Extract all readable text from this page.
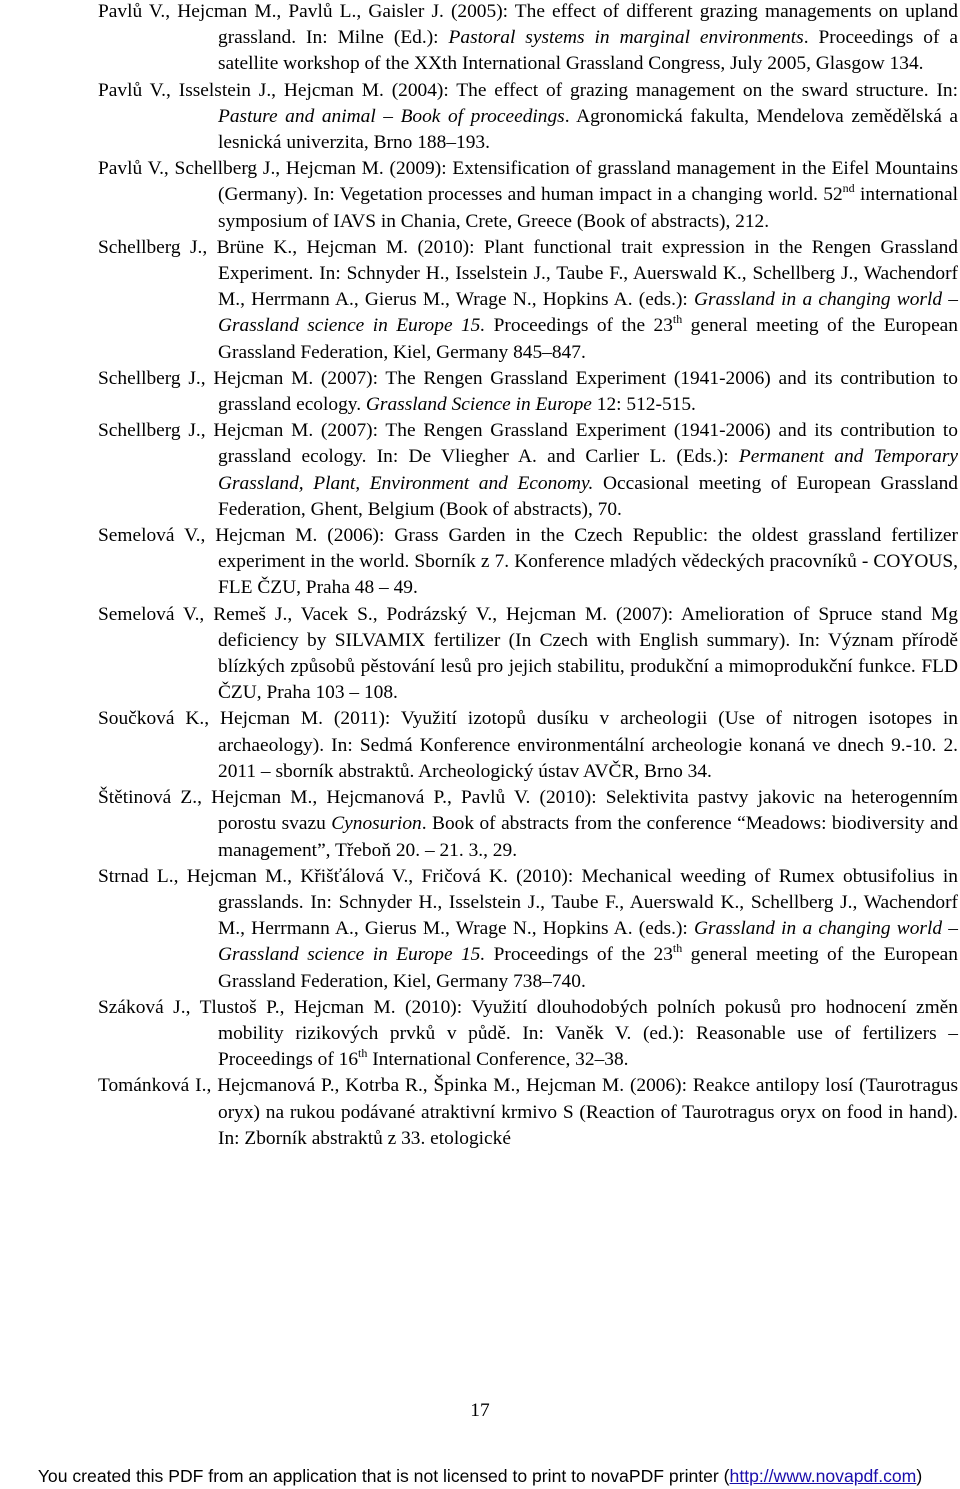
Pavlů V., Hejcman M., Pavlů L., Gaisler J. (2005): The effect of different grazing managements on upland grassland. In: Milne (Ed.): Pastoral systems in marginal environments. Proceedings of a satellite workshop of the XXth International Grassland Congress, July 2005, Glasgow 134.

Pavlů V., Isselstein J., Hejcman M. (2004): The effect of grazing management on the sward structure. In: Pasture and animal – Book of proceedings. Agronomická fakulta, Mendelova zemědělská a lesnická univerzita, Brno 188–193.

Pavlů V., Schellberg J., Hejcman M. (2009): Extensification of grassland management in the Eifel Mountains (Germany). In: Vegetation processes and human impact in a changing world. 52nd international symposium of IAVS in Chania, Crete, Greece (Book of abstracts), 212.

Schellberg J., Brüne K., Hejcman M. (2010): Plant functional trait expression in the Rengen Grassland Experiment. In: Schnyder H., Isselstein J., Taube F., Auerswald K., Schellberg J., Wachendorf M., Herrmann A., Gierus M., Wrage N., Hopkins A. (eds.): Grassland in a changing world – Grassland science in Europe 15. Proceedings of the 23th general meeting of the European Grassland Federation, Kiel, Germany 845–847.

Schellberg J., Hejcman M. (2007): The Rengen Grassland Experiment (1941-2006) and its contribution to grassland ecology. Grassland Science in Europe 12: 512-515.

Schellberg J., Hejcman M. (2007): The Rengen Grassland Experiment (1941-2006) and its contribution to grassland ecology. In: De Vliegher A. and Carlier L. (Eds.): Permanent and Temporary Grassland, Plant, Environment and Economy. Occasional meeting of European Grassland Federation, Ghent, Belgium (Book of abstracts), 70.

Semelová V., Hejcman M. (2006): Grass Garden in the Czech Republic: the oldest grassland fertilizer experiment in the world. Sborník z 7. Konference mladých vědeckých pracovníků - COYOUS, FLE ČZU, Praha 48 – 49.

Semelová V., Remeš J., Vacek S., Podrázský V., Hejcman M. (2007): Amelioration of Spruce stand Mg deficiency by SILVAMIX fertilizer (In Czech with English summary). In: Význam přírodě blízkých způsobů pěstování lesů pro jejich stabilitu, produkční a mimoprodukční funkce. FLD ČZU, Praha 103 – 108.

Součková K., Hejcman M. (2011): Využití izotopů dusíku v archeologii (Use of nitrogen isotopes in archaeology). In: Sedmá Konference environmentální archeologie konaná ve dnech 9.-10. 2. 2011 – sborník abstraktů. Archeologický ústav AVČR, Brno 34.

Štětinová Z., Hejcman M., Hejcmanová P., Pavlů V. (2010): Selektivita pastvy jakovic na heterogenním porostu svazu Cynosurion. Book of abstracts from the conference “Meadows: biodiversity and management”, Třeboň 20. – 21. 3., 29.

Strnad L., Hejcman M., Křišťálová V., Fričová K. (2010): Mechanical weeding of Rumex obtusifolius in grasslands. In: Schnyder H., Isselstein J., Taube F., Auerswald K., Schellberg J., Wachendorf M., Herrmann A., Gierus M., Wrage N., Hopkins A. (eds.): Grassland in a changing world – Grassland science in Europe 15. Proceedings of the 23th general meeting of the European Grassland Federation, Kiel, Germany 738–740.

Száková J., Tlustoš P., Hejcman M. (2010): Využití dlouhodobých polních pokusů pro hodnocení změn mobility rizikových prvků v půdě. In: Vaněk V. (ed.): Reasonable use of fertilizers – Proceedings of 16th International Conference, 32–38.

Tománková I., Hejcmanová P., Kotrba R., Špinka M., Hejcman M. (2006): Reakce antilopy losí (Taurotragus oryx) na rukou podávané atraktivní krmivo S (Reaction of Taurotragus oryx on food in hand). In: Zborník abstraktů z 33. etologické

17
You created this PDF from an application that is not licensed to print to novaPDF printer (http://www.novapdf.com)
